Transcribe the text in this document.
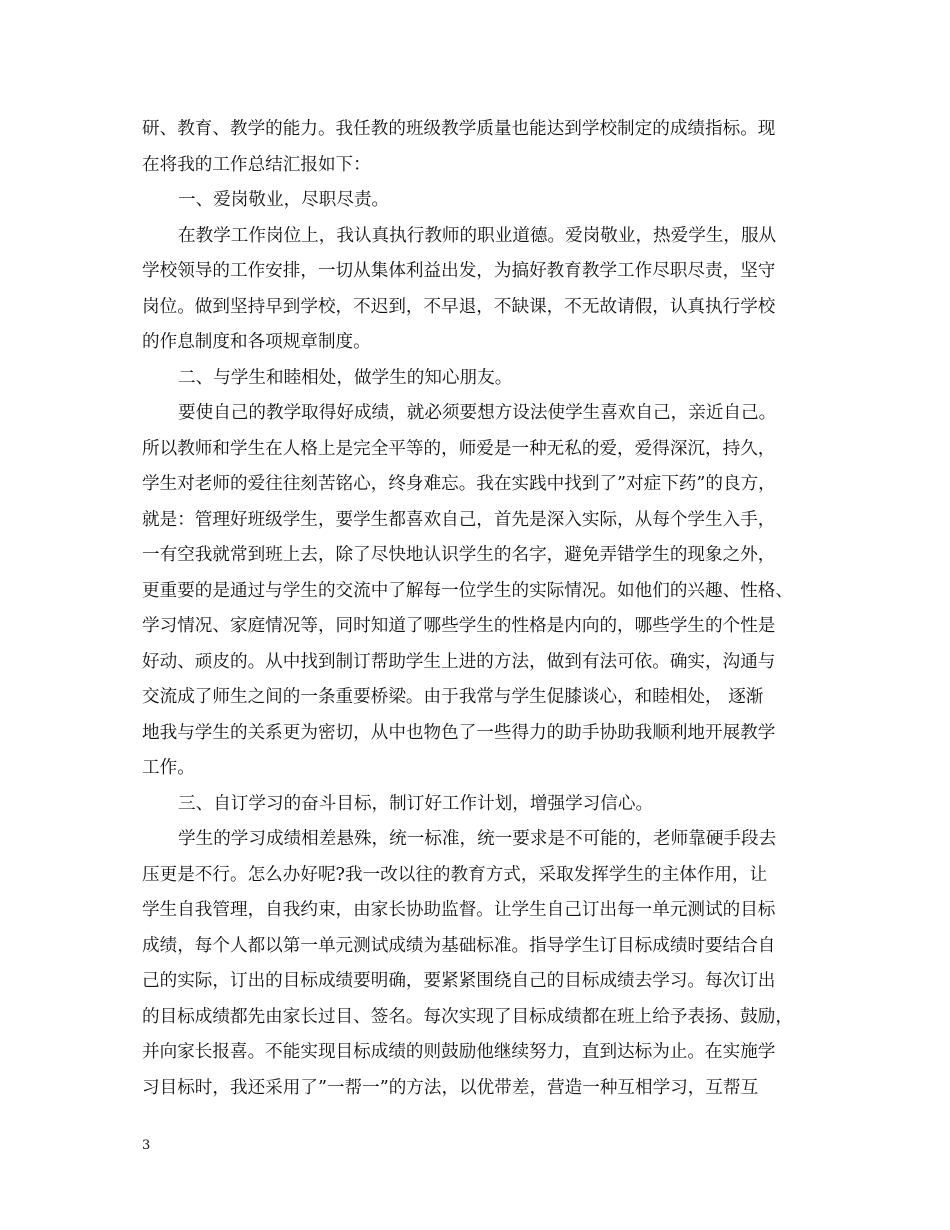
研、教育、教学的能力。我任教的班级教学质量也能达到学校制定的成绩指标。现
在将我的工作总结汇报如下：
一、爱岗敬业，尽职尽责。
在教学工作岗位上，我认真执行教师的职业道德。爱岗敬业，热爱学生，服从
学校领导的工作安排，一切从集体利益出发，为搞好教育教学工作尽职尽责，坚守
岗位。做到坚持早到学校，不迟到，不早退，不缺课，不无故请假，认真执行学校
的作息制度和各项规章制度。
二、与学生和睦相处，做学生的知心朋友。
要使自己的教学取得好成绩，就必须要想方设法使学生喜欢自己，亲近自己。
所以教师和学生在人格上是完全平等的，师爱是一种无私的爱，爱得深沉，持久，
学生对老师的爱往往刻苦铭心，终身难忘。我在实践中找到了”对症下药”的良方，
就是：管理好班级学生，要学生都喜欢自己，首先是深入实际，从每个学生入手，
一有空我就常到班上去，除了尽快地认识学生的名字，避免弄错学生的现象之外，
更重要的是通过与学生的交流中了解每一位学生的实际情况。如他们的兴趣、性格、
学习情况、家庭情况等，同时知道了哪些学生的性格是内向的，哪些学生的个性是
好动、顽皮的。从中找到制订帮助学生上进的方法，做到有法可依。确实，沟通与
交流成了师生之间的一条重要桥梁。由于我常与学生促膝谈心，和睦相处， 逐渐
地我与学生的关系更为密切，从中也物色了一些得力的助手协助我顺利地开展教学
工作。
三、自订学习的奋斗目标，制订好工作计划，增强学习信心。
学生的学习成绩相差悬殊，统一标准，统一要求是不可能的，老师靠硬手段去
压更是不行。怎么办好呢?我一改以往的教育方式，采取发挥学生的主体作用，让
学生自我管理，自我约束，由家长协助监督。让学生自己订出每一单元测试的目标
成绩，每个人都以第一单元测试成绩为基础标准。指导学生订目标成绩时要结合自
己的实际，订出的目标成绩要明确，要紧紧围绕自己的目标成绩去学习。每次订出
的目标成绩都先由家长过目、签名。每次实现了目标成绩都在班上给予表扬、鼓励，
并向家长报喜。不能实现目标成绩的则鼓励他继续努力，直到达标为止。在实施学
习目标时，我还采用了”一帮一”的方法，以优带差，营造一种互相学习，互帮互
3
